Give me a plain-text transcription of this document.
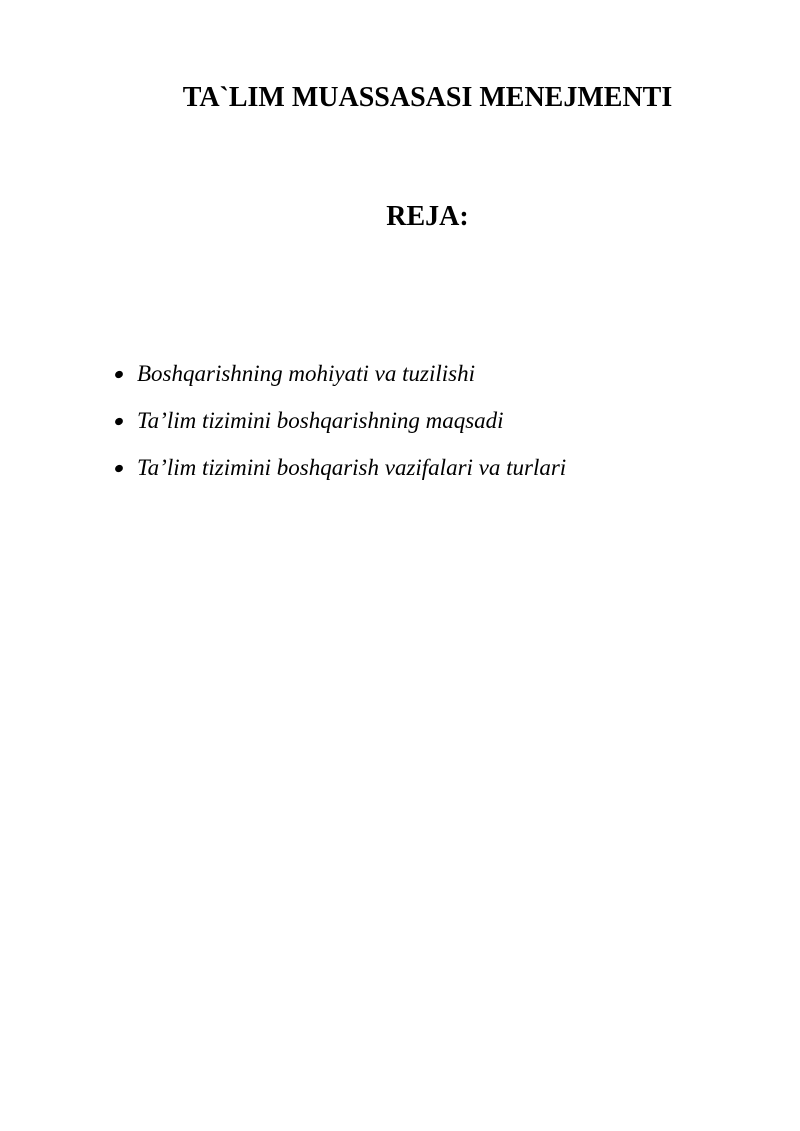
TA`LIM MUASSASASI MENEJMENTI
REJA:
Boshqarishning mohiyati va tuzilishi
Ta’lim tizimini boshqarishning maqsadi
Ta’lim tizimini boshqarish vazifalari va turlari
